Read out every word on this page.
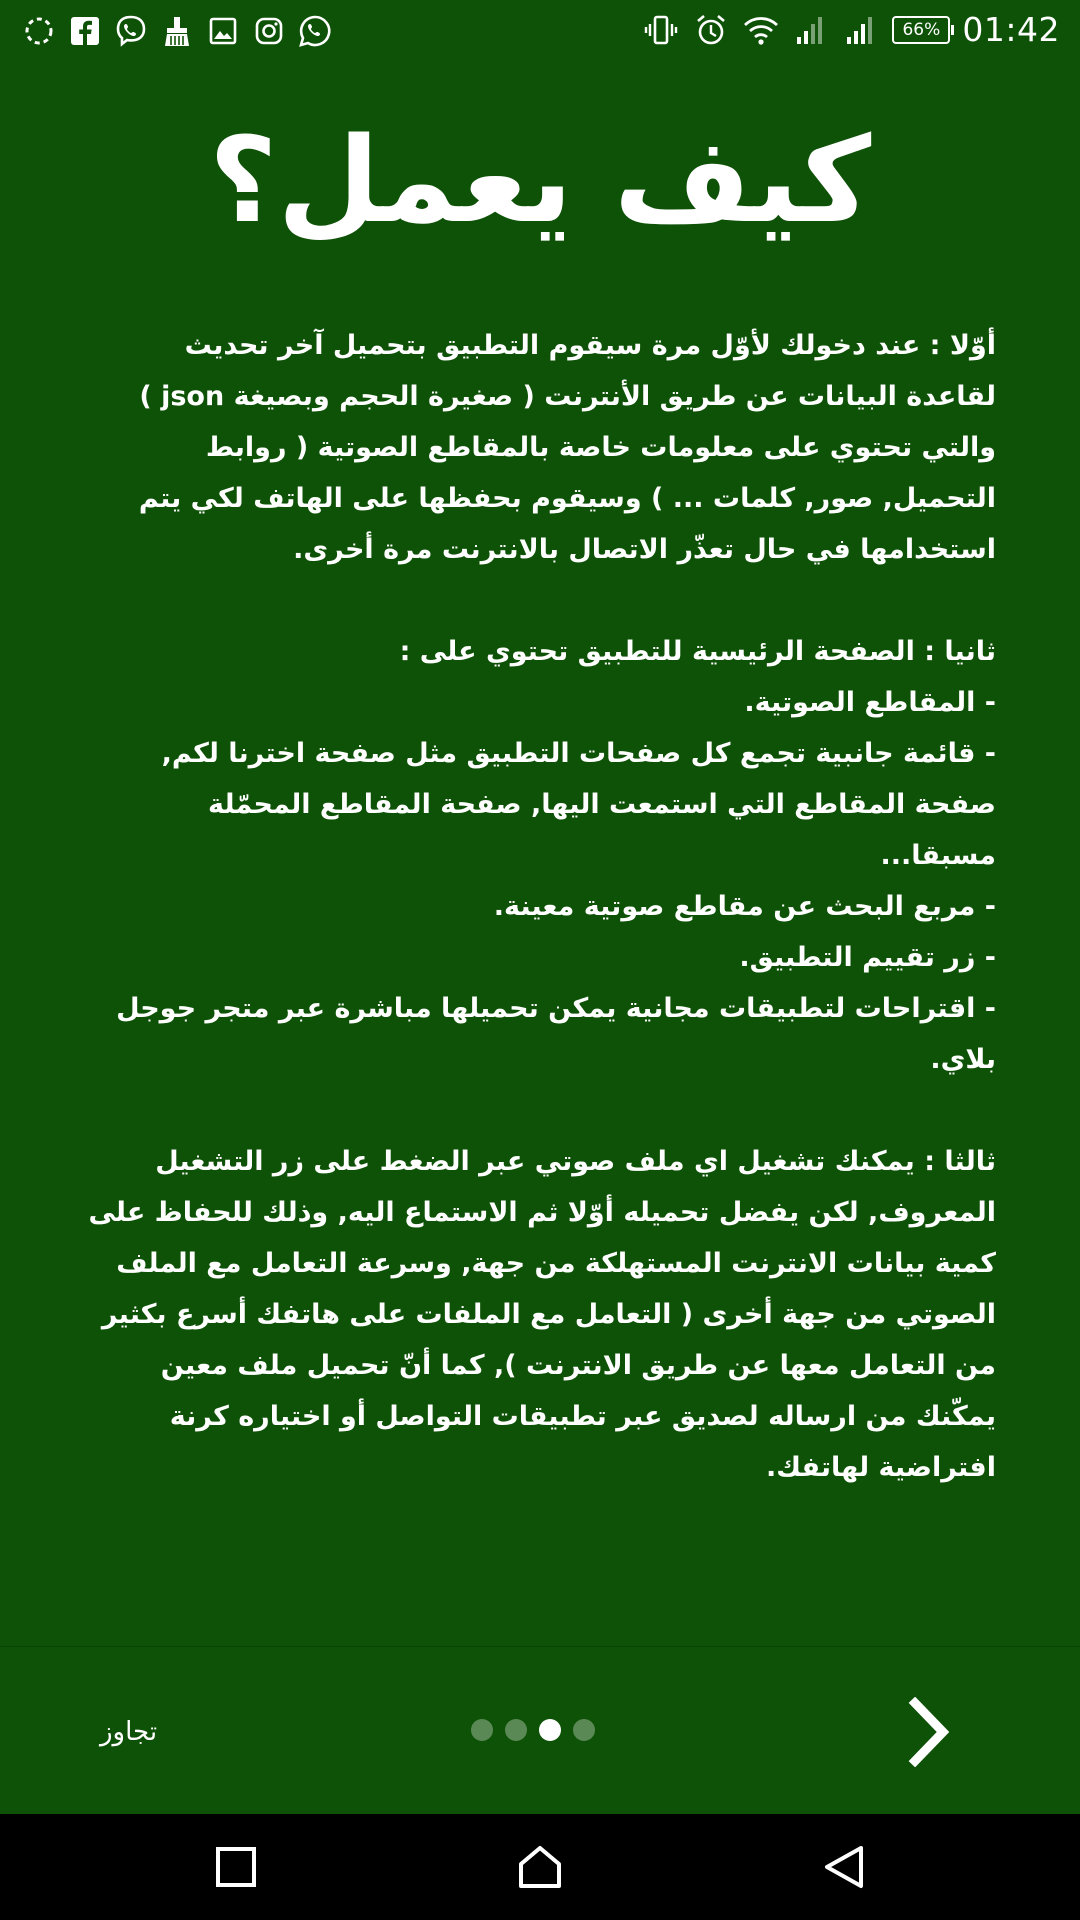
66% 01:42
كيف يعمل؟

أوّلا : عند دخولك لأوّل مرة سيقوم التطبيق بتحميل آخر تحديث لقاعدة البيانات عن طريق الأنترنت ( صغيرة الحجم وبصيغة json ) والتي تحتوي على معلومات خاصة بالمقاطع الصوتية ( روابط التحميل, صور, كلمات ... ) وسيقوم بحفظها على الهاتف لكي يتم استخدامها في حال تعذّر الاتصال بالانترنت مرة أخرى.

ثانيا : الصفحة الرئيسية للتطبيق تحتوي على :

- المقاطع الصوتية.

- قائمة جانبية تجمع كل صفحات التطبيق مثل صفحة اخترنا لكم, صفحة المقاطع التي استمعت اليها, صفحة المقاطع المحمّلة مسبقا...

- مربع البحث عن مقاطع صوتية معينة.

- زر تقييم التطبيق.

- اقتراحات لتطبيقات مجانية يمكن تحميلها مباشرة عبر متجر جوجل بلاي.

ثالثا : يمكنك تشغيل اي ملف صوتي عبر الضغط على زر التشغيل المعروف, لكن يفضل تحميله أوّلا ثم الاستماع اليه, وذلك للحفاظ على كمية بيانات الانترنت المستهلكة من جهة, وسرعة التعامل مع الملف الصوتي من جهة أخرى ( التعامل مع الملفات على هاتفك أسرع بكثير من التعامل معها عن طريق الانترنت ), كما أنّ تحميل ملف معين يمكّنك من ارساله لصديق عبر تطبيقات التواصل أو اختياره كرنة افتراضية لهاتفك.

تجاوز
